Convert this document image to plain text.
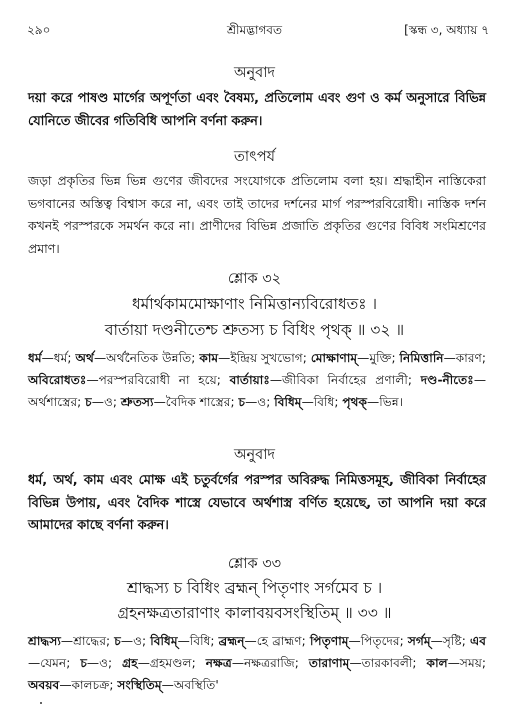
২৯০	শ্রীমদ্ভাগবত	[স্কন্ধ ৩, অধ্যায় ৭
অনুবাদ
দয়া করে পাষণ্ড মার্গের অপূর্ণতা এবং বৈষম্য, প্রতিলোম এবং গুণ ও কর্ম অনুসারে বিভিন্ন যোনিতে জীবের গতিবিধি আপনি বর্ণনা করুন।
তাৎপর্য
জড়া প্রকৃতির ভিন্ন ভিন্ন গুণের জীবদের সংযোগকে প্রতিলোম বলা হয়। শ্রদ্ধাহীন নাস্তিকেরা ভগবানের অস্তিত্ব বিশ্বাস করে না, এবং তাই তাদের দর্শনের মার্গ পরস্পরবিরোধী। নাস্তিক দর্শন কখনই পরস্পরকে সমর্থন করে না। প্রাণীদের বিভিন্ন প্রজাতি প্রকৃতির গুণের বিবিধ সংমিশ্রণের প্রমাণ।
শ্লোক ৩২
ধর্মার্থকামমোক্ষাণাং নিমিত্তান্যবিরোধতঃ ।
বার্তায়া দণ্ডনীতেশ্চ শ্রুতস্য চ বিধিং পৃথক্ ॥ ৩২ ॥
ধর্ম—ধর্ম; অর্থ—অর্থনৈতিক উন্নতি; কাম—ইন্দ্রিয় সুখভোগ; মোক্ষাণাম্—মুক্তি; নিমিত্তানি—কারণ; অবিরোধতঃ—পরস্পরবিরোধী না হয়ে; বার্তায়াঃ—জীবিকা নির্বাহের প্রণালী; দণ্ড-নীতেঃ—অর্থশাস্ত্রের; চ—ও; শ্রুতস্য—বৈদিক শাস্ত্রের; চ—ও; বিধিম্—বিধি; পৃথক্—ভিন্ন।
অনুবাদ
ধর্ম, অর্থ, কাম এবং মোক্ষ এই চতুর্বর্গের পরস্পর অবিরুদ্ধ নিমিত্তসমূহ, জীবিকা নির্বাহের বিভিন্ন উপায়, এবং বৈদিক শাস্ত্রে যেভাবে অর্থশাস্ত্র বর্ণিত হয়েছে, তা আপনি দয়া করে আমাদের কাছে বর্ণনা করুন।
শ্লোক ৩৩
শ্রাদ্ধস্য চ বিধিং ব্রহ্মন্ পিতৃণাং সর্গমেব চ ।
গ্রহনক্ষত্রতারাণাং কালাবয়বসংস্থিতিম্ ॥ ৩৩ ॥
শ্রাদ্ধস্য—শ্রাদ্ধের; চ—ও; বিধিম্—বিধি; ব্রহ্মন্—হে ব্রাহ্মণ; পিতৃণাম্—পিতৃদের; সর্গম্—সৃষ্টি; এব—যেমন; চ—ও; গ্রহ—গ্রহমণ্ডল; নক্ষত্র—নক্ষত্ররাজি; তারাণাম্—তারকাবলী; কাল—সময়; অবয়ব—কালচক্র; সংস্থিতিম্—অবস্থিতি'
